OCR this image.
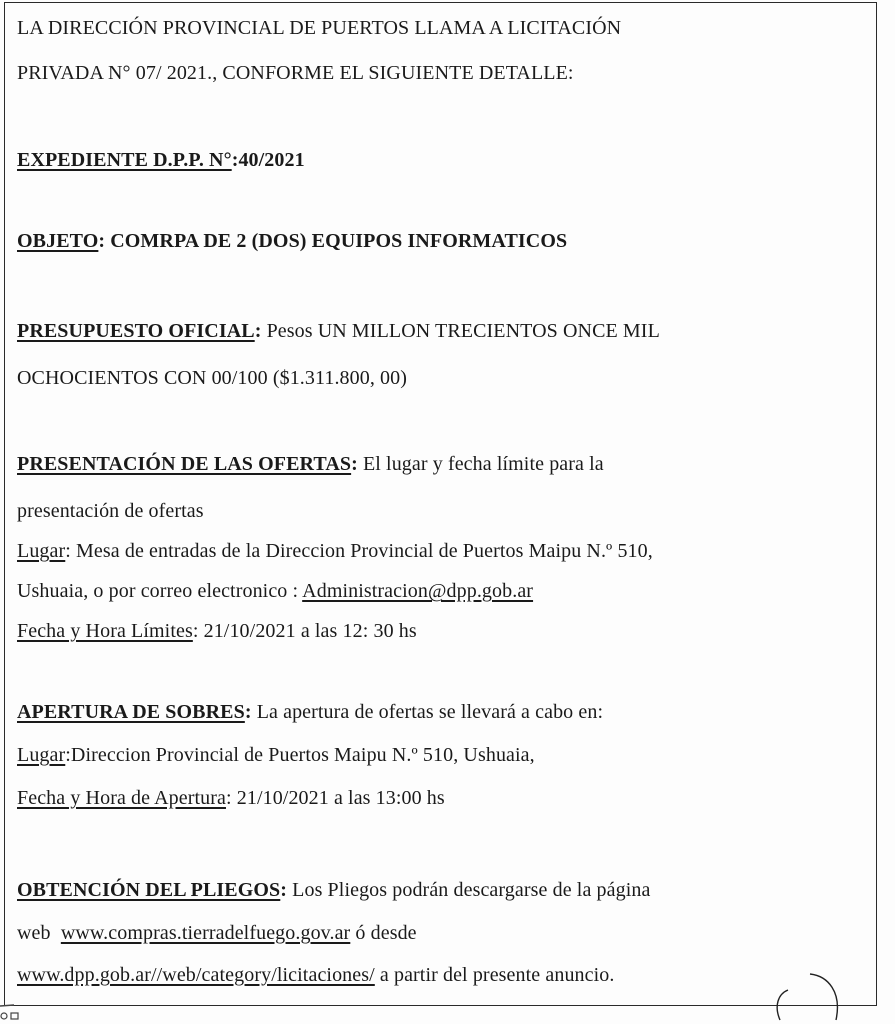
LA DIRECCIÓN PROVINCIAL DE PUERTOS LLAMA A LICITACIÓN
PRIVADA N° 07/ 2021., CONFORME EL SIGUIENTE DETALLE:
EXPEDIENTE D.P.P. N°:40/2021
OBJETO: COMRPA DE 2 (DOS) EQUIPOS INFORMATICOS
PRESUPUESTO OFICIAL: Pesos UN MILLON TRECIENTOS ONCE MIL
OCHOCIENTOS CON 00/100 ($1.311.800, 00)
PRESENTACIÓN DE LAS OFERTAS: El lugar y fecha límite para la
presentación de ofertas
Lugar: Mesa de entradas de la Direccion Provincial de Puertos Maipu N.º 510,
Ushuaia, o por correo electronico : Administracion@dpp.gob.ar
Fecha y Hora Límites: 21/10/2021 a las 12: 30 hs
APERTURA DE SOBRES: La apertura de ofertas se llevará a cabo en:
Lugar:Direccion Provincial de Puertos Maipu N.º 510, Ushuaia,
Fecha y Hora de Apertura: 21/10/2021 a las 13:00 hs
OBTENCIÓN DEL PLIEGOS: Los Pliegos podrán descargarse de la página
web  www.compras.tierradelfuego.gov.ar ó desde
www.dpp.gob.ar//web/category/licitaciones/ a partir del presente anuncio.
